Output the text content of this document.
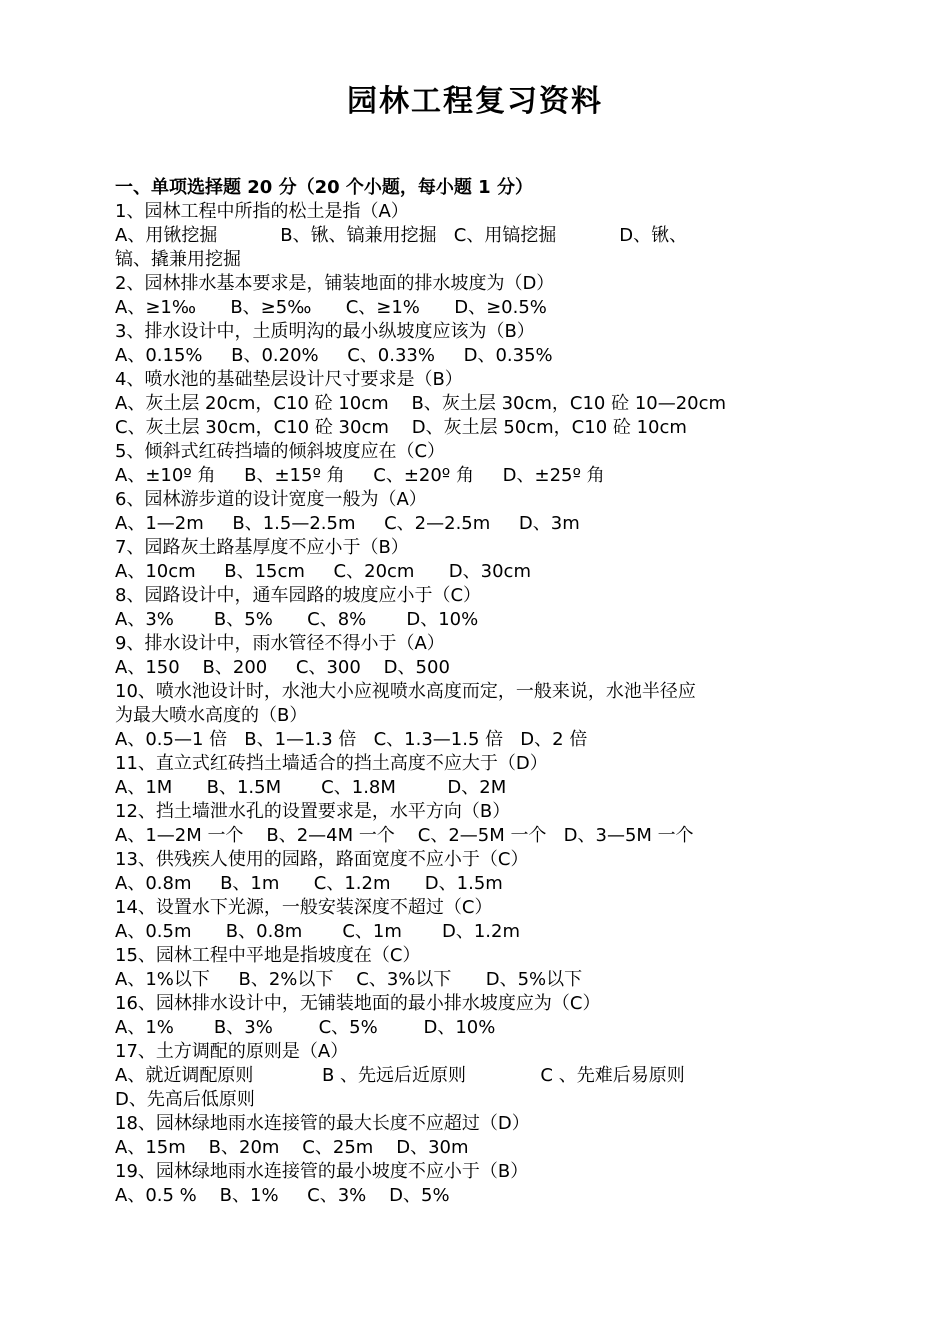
园林工程复习资料
一、单项选择题 20 分（20 个小题，每小题 1 分）
1、园林工程中所指的松土是指（A）
A、用锹挖掘           B、锹、镐兼用挖掘   C、用镐挖掘           D、锹、
镐、撬兼用挖掘
2、园林排水基本要求是，铺装地面的排水坡度为（D）
A、≥1‰      B、≥5‰      C、≥1%      D、≥0.5%
3、排水设计中，土质明沟的最小纵坡度应该为（B）
A、0.15%     B、0.20%     C、0.33%     D、0.35%
4、喷水池的基础垫层设计尺寸要求是（B）
A、灰土层 20cm，C10 砼 10cm    B、灰土层 30cm，C10 砼 10—20cm
C、灰土层 30cm，C10 砼 30cm    D、灰土层 50cm，C10 砼 10cm
5、倾斜式红砖挡墙的倾斜坡度应在（C）
A、±10º 角     B、±15º 角     C、±20º 角     D、±25º 角
6、园林游步道的设计宽度一般为（A）
A、1—2m     B、1.5—2.5m     C、2—2.5m     D、3m
7、园路灰土路基厚度不应小于（B）
A、10cm     B、15cm     C、20cm      D、30cm
8、园路设计中，通车园路的坡度应小于（C）
A、3%       B、5%      C、8%       D、10%
9、排水设计中，雨水管径不得小于（A）
A、150    B、200     C、300    D、500
10、喷水池设计时，水池大小应视喷水高度而定，一般来说，水池半径应
为最大喷水高度的（B）
A、0.5—1 倍   B、1—1.3 倍   C、1.3—1.5 倍   D、2 倍
11、直立式红砖挡土墙适合的挡土高度不应大于（D）
A、1M      B、1.5M       C、1.8M         D、2M
12、挡土墙泄水孔的设置要求是，水平方向（B）
A、1—2M 一个    B、2—4M 一个    C、2—5M 一个   D、3—5M 一个
13、供残疾人使用的园路，路面宽度不应小于（C）
A、0.8m     B、1m      C、1.2m      D、1.5m
14、设置水下光源，一般安装深度不超过（C）
A、0.5m      B、0.8m       C、1m       D、1.2m
15、园林工程中平地是指坡度在（C）
A、1%以下     B、2%以下    C、3%以下      D、5%以下
16、园林排水设计中，无铺装地面的最小排水坡度应为（C）
A、1%       B、3%        C、5%        D、10%
17、土方调配的原则是（A）
A、就近调配原则            B 、先远后近原则             C 、先难后易原则
D、先高后低原则
18、园林绿地雨水连接管的最大长度不应超过（D）
A、15m    B、20m    C、25m    D、30m
19、园林绿地雨水连接管的最小坡度不应小于（B）
A、0.5 %    B、1%     C、3%    D、5%
